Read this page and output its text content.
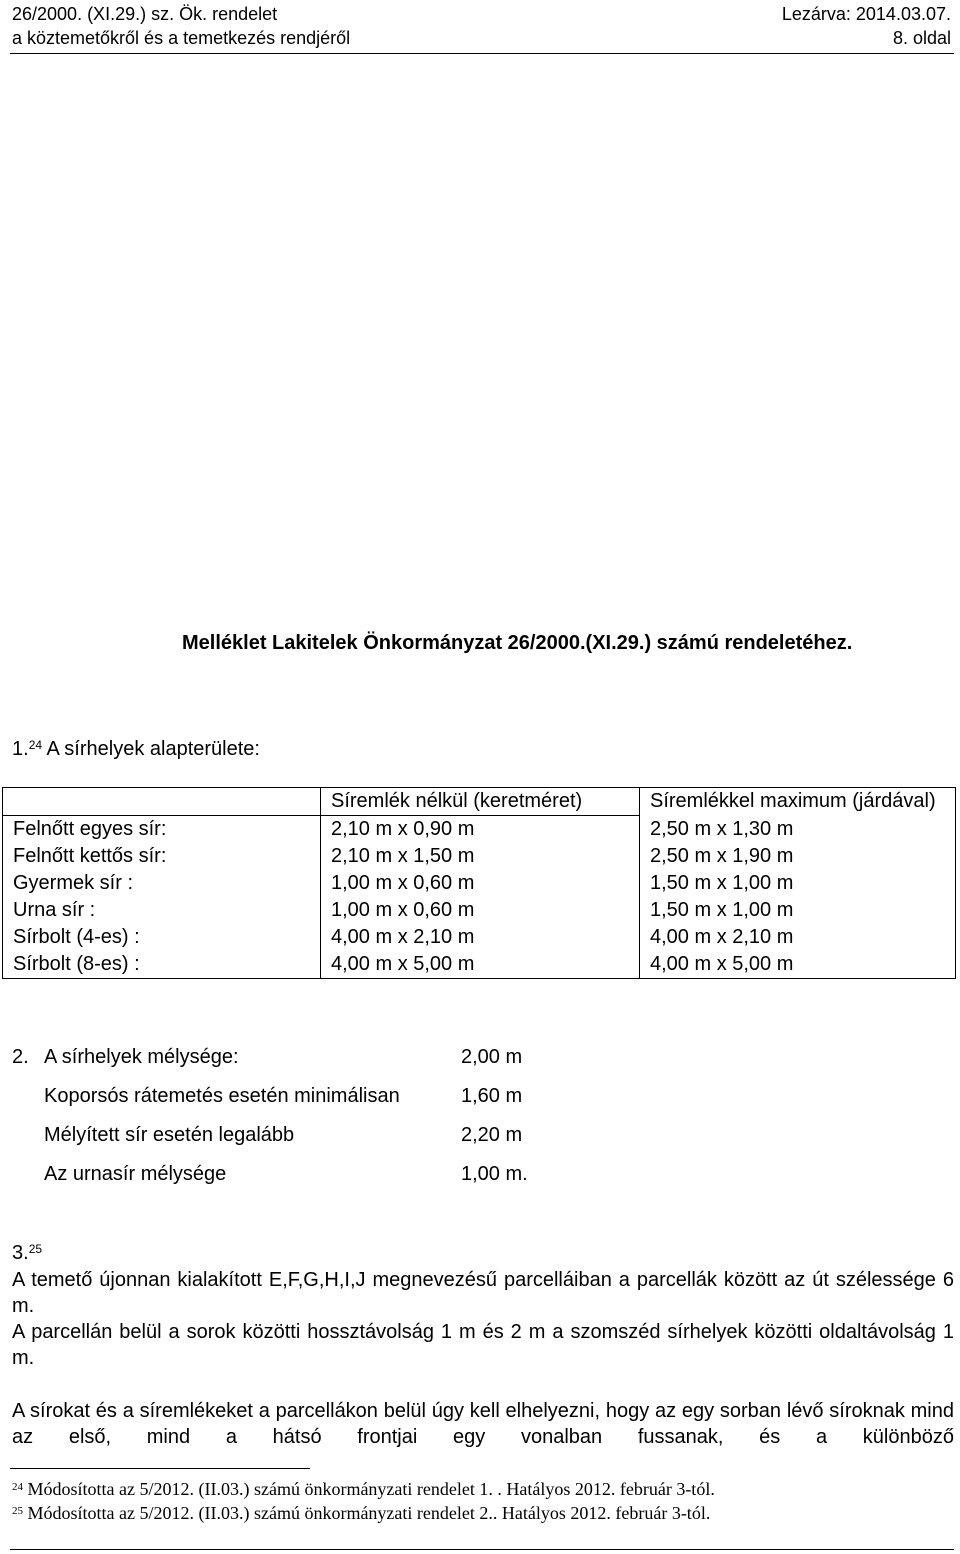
26/2000. (XI.29.) sz. Ök. rendelet
a köztemetőkről és a temetkezés rendjéről
Lezárva: 2014.03.07.
8. oldal
Melléklet Lakitelek Önkormányzat 26/2000.(XI.29.) számú rendeletéhez.
1.24 A sírhelyek alapterülete:
	Síremlék nélkül (keretméret)	Síremlékkel maximum (járdával)
Felnőtt egyes sír:	2,10 m x 0,90 m	2,50 m x 1,30 m
Felnőtt kettős sír:	2,10 m x 1,50 m	2,50 m x 1,90 m
Gyermek sír :	1,00 m x 0,60 m	1,50 m x 1,00 m
Urna sír :	1,00 m x 0,60 m	1,50 m x 1,00 m
Sírbolt (4-es) :	4,00 m x 2,10 m	4,00 m x 2,10 m
Sírbolt (8-es) :	4,00 m x 5,00 m	4,00 m x 5,00 m
2. A sírhelyek mélysége:	2,00 m
Koporsós rátemetés esetén minimálisan	1,60 m
Mélyített sír esetén legalább	2,20 m
Az urnasír mélysége	1,00 m.
3.25
A temető újonnan kialakított E,F,G,H,I,J megnevezésű parcelláiban a parcellák között az út szélessége 6 m.
A parcellán belül a sorok közötti hossztávolság 1 m és 2 m a szomszéd sírhelyek közötti oldaltávolság 1 m.
A sírokat és a síremlékeket a parcellákon belül úgy kell elhelyezni, hogy az egy sorban lévő síroknak mind az első, mind a hátsó frontjai egy vonalban fussanak, és a különböző
$^{24}$ Módosította az 5/2012. (II.03.) számú önkormányzati rendelet 1. . Hatályos 2012. február 3-tól.
$^{25}$ Módosította az 5/2012. (II.03.) számú önkormányzati rendelet 2.. Hatályos 2012. február 3-tól.
